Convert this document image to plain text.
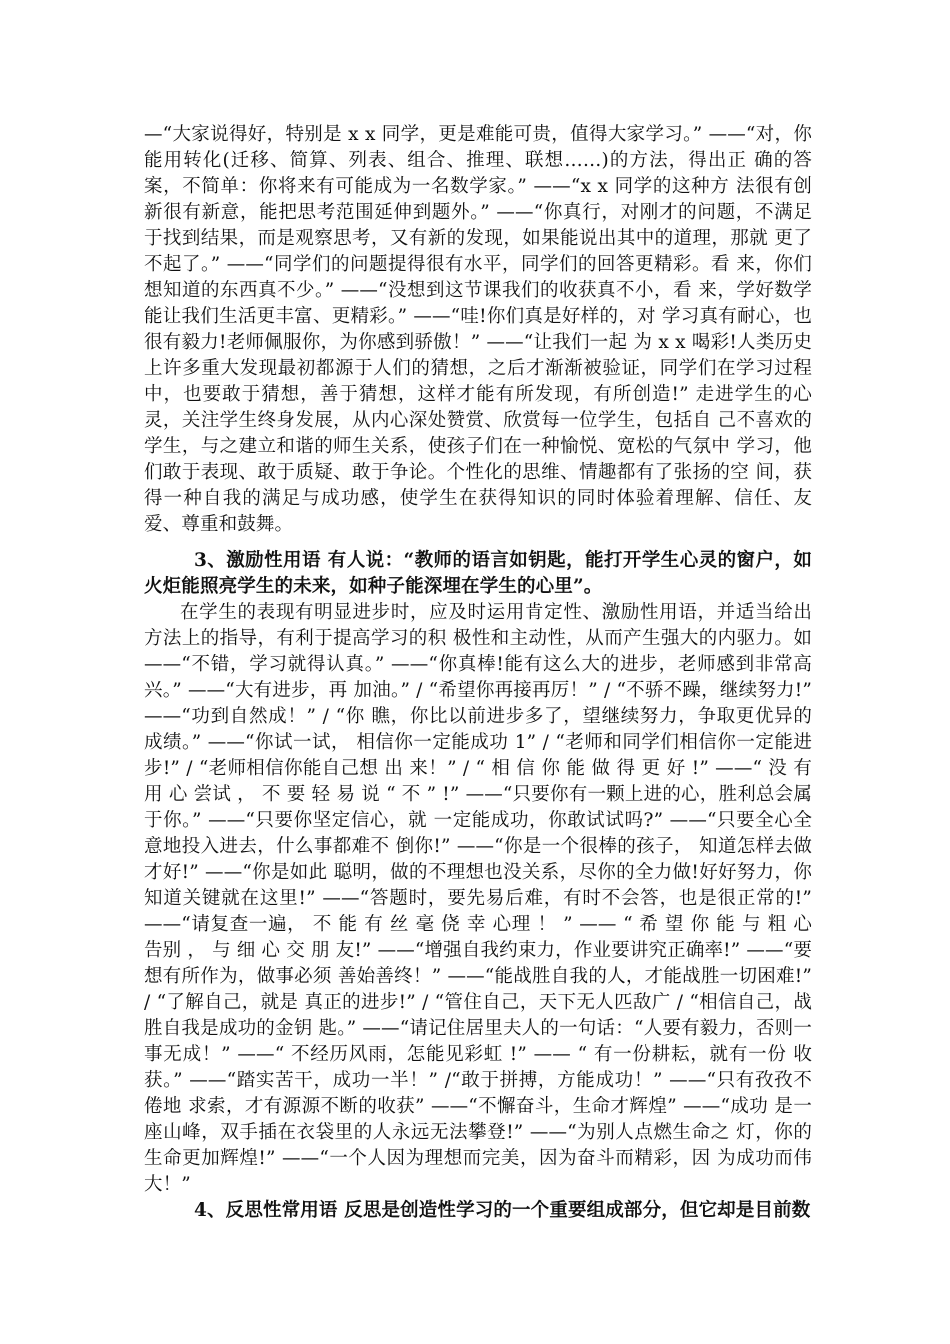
—“大家说得好，特别是 x x 同学，更是难能可贵，值得大家学习。” ——“对，你能用转化(迁移、简算、列表、组合、推理、联想……)的方法，得出正 确的答案，不简单：你将来有可能成为一名数学家。” ——“x x 同学的这种方 法很有创新很有新意，能把思考范围延伸到题外。” ——“你真行，对刚才的问题，不满足于找到结果，而是观察思考，又有新的发现，如果能说出其中的道理，那就 更了不起了。” ——“同学们的问题提得很有水平，同学们的回答更精彩。看 来，你们想知道的东西真不少。” ——“没想到这节课我们的收获真不小，看 来，学好数学能让我们生活更丰富、更精彩。” ——“哇!你们真是好样的，对 学习真有耐心，也很有毅力!老师佩服你，为你感到骄傲！” ——“让我们一起 为 x x 喝彩!人类历史上许多重大发现最初都源于人们的猜想，之后才渐渐被验证，同学们在学习过程中，也要敢于猜想，善于猜想，这样才能有所发现，有所创造!” 走进学生的心灵，关注学生终身发展，从内心深处赞赏、欣赏每一位学生，包括自 己不喜欢的学生，与之建立和谐的师生关系，使孩子们在一种愉悦、宽松的气氛中 学习，他们敢于表现、敢于质疑、敢于争论。个性化的思维、情趣都有了张扬的空 间，获得一种自我的满足与成功感，使学生在获得知识的同时体验着理解、信任、友爱、尊重和鼓舞。
3、激励性用语 有人说：“教师的语言如钥匙，能打开学生心灵的窗户，如火炬能照亮学生的未来，如种子能深埋在学生的心里”。
在学生的表现有明显进步时，应及时运用肯定性、激励性用语，并适当给出方法上的指导，有利于提高学习的积 极性和主动性，从而产生强大的内驱力。如 ——“不错，学习就得认真。” ——“你真棒!能有这么大的进步，老师感到非常高兴。” ——“大有进步，再 加油。” / “希望你再接再厉！” / “不骄不躁，继续努力!” ——“功到自然成！” / “你 瞧，你比以前进步多了，望继续努力，争取更优异的成绩。” ——“你试一试， 相信你一定能成功 1” / “老师和同学们相信你一定能进步!” / “老师相信你能自己想 出 来！” / “ 相 信 你 能 做 得 更 好 !” ——“ 没 有 用 心 尝试 ， 不 要 轻 易 说 “ 不 ” !” ——“只要你有一颗上进的心，胜利总会属于你。” ——“只要你坚定信心，就 一定能成功，你敢试试吗?” ——“只要全心全意地投入进去，什么事都难不 倒你!” ——“你是一个很棒的孩子， 知道怎样去做才好!” ——“你是如此 聪明，做的不理想也没关系，尽你的全力做!好好努力，你知道关键就在这里!” ——“答题时，要先易后难，有时不会答，也是很正常的!” ——“请复查一遍， 不 能 有 丝 毫 侥 幸 心理 ！ ” —— “ 希 望 你 能 与 粗 心 告别 ， 与 细 心 交 朋 友!” ——“增强自我约束力，作业要讲究正确率!” ——“要想有所作为，做事必须 善始善终！” ——“能战胜自我的人，才能战胜一切困难!” / “了解自己，就是 真正的进步!” / “管住自己，天下无人匹敌广 / “相信自己，战胜自我是成功的金钥 匙。” ——“请记住居里夫人的一句话：“人要有毅力，否则一事无成！” ——“ 不经历风雨，怎能见彩虹 !” —— “ 有一份耕耘，就有一份 收获。” ——“踏实苦干，成功一半！” /“敢于拼搏，方能成功！” ——“只有孜孜不倦地 求索，才有源源不断的收获” ——“不懈奋斗，生命才辉煌” ——“成功 是一座山峰，双手插在衣袋里的人永远无法攀登!” ——“为别人点燃生命之 灯，你的生命更加辉煌!” ——“一个人因为理想而完美，因为奋斗而精彩，因 为成功而伟大！”
4、反思性常用语 反思是创造性学习的一个重要组成部分，但它却是目前数
